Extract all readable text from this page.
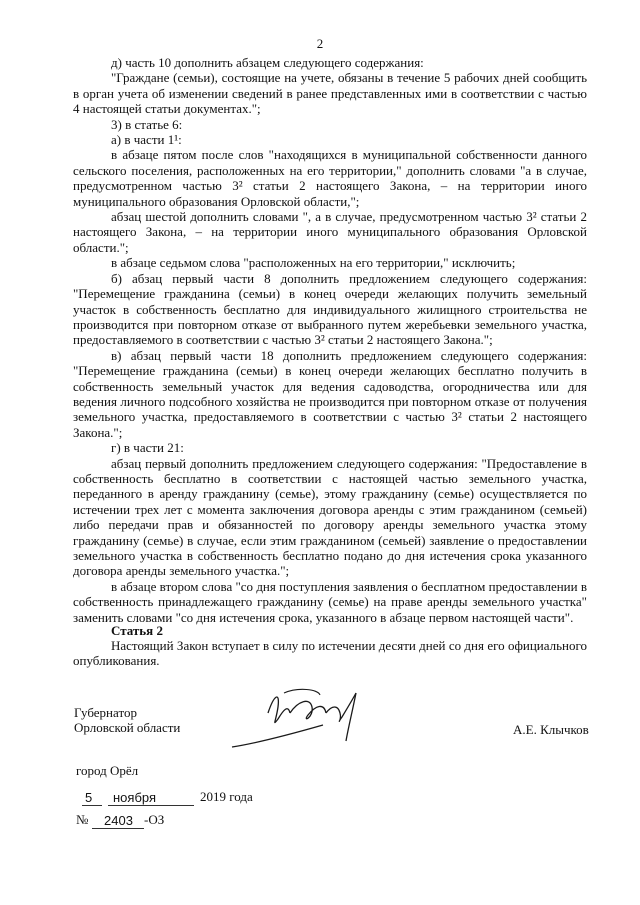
2

д) часть 10 дополнить абзацем следующего содержания:

"Граждане (семьи), состоящие на учете, обязаны в течение 5 рабочих дней сообщить в орган учета об изменении сведений в ранее представленных ими в соответствии с частью 4 настоящей статьи документах.";

3) в статье 6:

а) в части 1¹:

в абзаце пятом после слов "находящихся в муниципальной собственности данного сельского поселения, расположенных на его территории," дополнить словами "а в случае, предусмотренном частью 3² статьи 2 настоящего Закона, – на территории иного муниципального образования Орловской области,";

абзац шестой дополнить словами ", а в случае, предусмотренном частью 3² статьи 2 настоящего Закона, – на территории иного муниципального образования Орловской области.";

в абзаце седьмом слова "расположенных на его территории," исключить;

б) абзац первый части 8 дополнить предложением следующего содержания: "Перемещение гражданина (семьи) в конец очереди желающих получить земельный участок в собственность бесплатно для индивидуального жилищного строительства не производится при повторном отказе от выбранного путем жеребьевки земельного участка, предоставляемого в соответствии с частью 3² статьи 2 настоящего Закона.";

в) абзац первый части 18 дополнить предложением следующего содержания: "Перемещение гражданина (семьи) в конец очереди желающих бесплатно получить в собственность земельный участок для ведения садоводства, огородничества или для ведения личного подсобного хозяйства не производится при повторном отказе от получения земельного участка, предоставляемого в соответствии с частью 3² статьи 2 настоящего Закона.";

г) в части 21:

абзац первый дополнить предложением следующего содержания: "Предоставление в собственность бесплатно в соответствии с настоящей частью земельного участка, переданного в аренду гражданину (семье), этому гражданину (семье) осуществляется по истечении трех лет с момента заключения договора аренды с этим гражданином (семьей) либо передачи прав и обязанностей по договору аренды земельного участка этому гражданину (семье) в случае, если этим гражданином (семьей) заявление о предоставлении земельного участка в собственность бесплатно подано до дня истечения срока указанного договора аренды земельного участка.";

в абзаце втором слова "со дня поступления заявления о бесплатном предоставлении в собственность принадлежащего гражданину (семье) на праве аренды земельного участка" заменить словами "со дня истечения срока, указанного в абзаце первом настоящей части".

Статья 2

Настоящий Закон вступает в силу по истечении десяти дней со дня его официального опубликования.

Губернатор
Орловской области	А.Е. Клычков
город Орёл
5 ноября	2019 года
№ 2403 -ОЗ
